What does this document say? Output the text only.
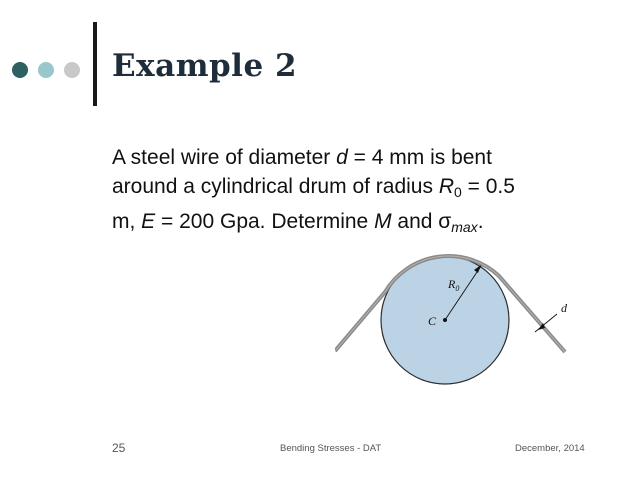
Example 2
A steel wire of diameter d = 4 mm is bent
around a cylindrical drum of radius $R_0 = 0.5$
m, E = 200 Gpa. Determine M and $\sigma_{max}$.
$R_0$
C
d
25	Bending Stresses - DAT	December, 2014
